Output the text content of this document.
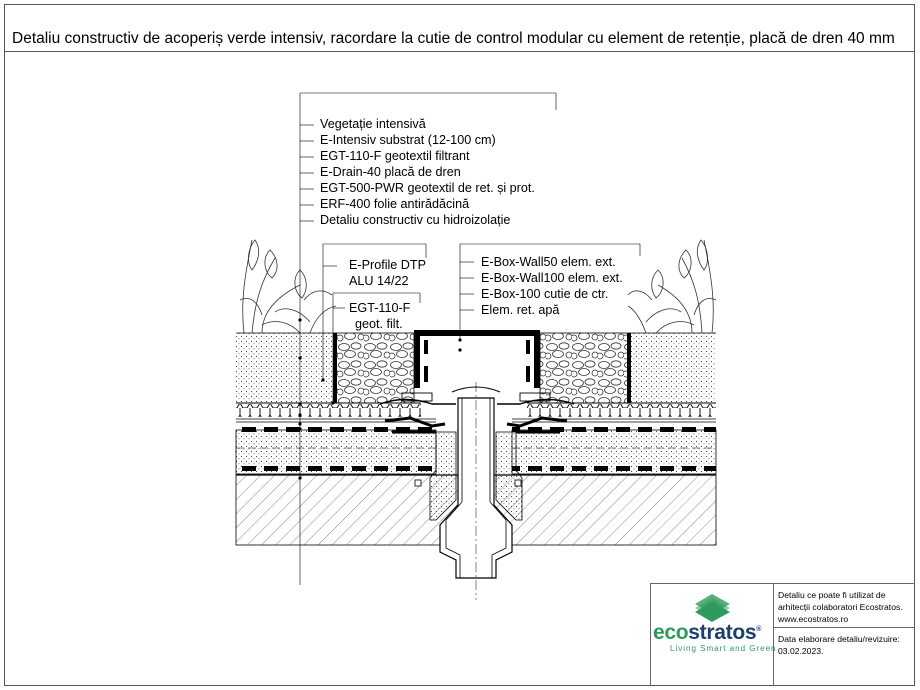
Detaliu constructiv de acoperiș verde intensiv, racordare la cutie de control modular cu element de retenție, placă de dren 40 mm
Vegetație intensivă
E-Intensiv substrat (12-100 cm)
EGT-110-F geotextil filtrant
E-Drain-40 placă de dren
EGT-500-PWR geotextil de ret. și prot.
ERF-400 folie antirădăcină
Detaliu constructiv cu hidroizolație
E-Profile DTP
ALU 14/22
EGT-110-F
geot. filt.
E-Box-Wall50 elem. ext.
E-Box-Wall100 elem. ext.
E-Box-100 cutie de ctr.
Elem. ret. apă
ecostratos®
Living Smart and Green
Detaliu ce poate fi utilizat de
arhitecții colaboratori Ecostratos.
www.ecostratos.ro
Data elaborare detaliu/revizuire:
03.02.2023.
